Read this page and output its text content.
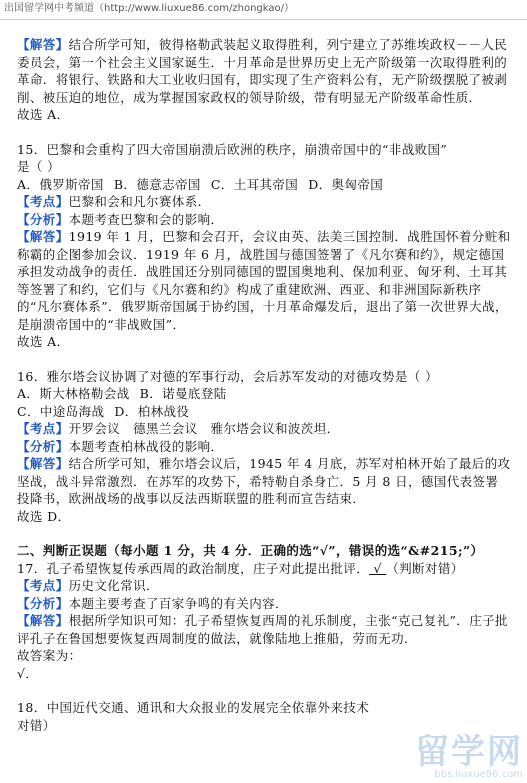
出国留学网中考频道（http://www.liuxue86.com/zhongkao/）

【解答】结合所学可知，彼得格勒武装起义取得胜利，列宁建立了苏维埃政权－－人民委员会，第一个社会主义国家诞生．十月革命是世界历史上无产阶级第一次取得胜利的革命．将银行、铁路和大工业收归国有，即实现了生产资料公有，无产阶级摆脱了被剥削、被压迫的地位，成为掌握国家政权的领导阶级，带有明显无产阶级革命性质．

故选 A．

15．巴黎和会重构了四大帝国崩溃后欧洲的秩序，崩溃帝国中的“非战败国”

是（ ）

A．俄罗斯帝国 B．德意志帝国 C．土耳其帝国 D．奥匈帝国

【考点】巴黎和会和凡尔赛体系．

【分析】本题考查巴黎和会的影响．

【解答】1919 年 1 月，巴黎和会召开，会议由英、法美三国控制．战胜国怀着分赃和称霸的企图参加会议．1919 年 6 月，战胜国与德国签署了《凡尔赛和约》，规定德国承担发动战争的责任．战胜国还分别同德国的盟国奥地利、保加利亚、匈牙利、土耳其等签署了和约，它们与《凡尔赛和约》构成了重建欧洲、西亚、和非洲国际新秩序的“凡尔赛体系”．俄罗斯帝国属于协约国，十月革命爆发后，退出了第一次世界大战，是崩溃帝国中的“非战败国”．

故选 A．

16．雅尔塔会议协调了对德的军事行动，会后苏军发动的对德攻势是（ ）

A．斯大林格勒会战 B．诺曼底登陆

C．中途岛海战 D．柏林战役

【考点】开罗会议　德黑兰会议　雅尔塔会议和波茨坦．

【分析】本题考查柏林战役的影响．

【解答】结合所学可知，雅尔塔会议后，1945 年 4 月底，苏军对柏林开始了最后的攻坚战，战斗异常激烈．在苏军的攻势下，希特勒自杀身亡．5 月 8 日，德国代表签署投降书，欧洲战场的战事以反法西斯联盟的胜利而宣告结束．

故选 D．

二、判断正误题（每小题 1 分，共 4 分．正确的选“√”，错误的选“&#215;”）

17．孔子希望恢复传承西周的政治制度，庄子对此提出批评． √ （判断对错）

【考点】历史文化常识．

【分析】本题主要考查了百家争鸣的有关内容．

【解答】根据所学知识可知：孔子希望恢复西周的礼乐制度，主张“克己复礼”．庄子批评孔子在鲁国想要恢复西周制度的做法，就像陆地上推船，劳而无功．

故答案为：

√．

18．中国近代交通、通讯和大众报业的发展完全依靠外来技术

对错）

留学网
bbs.liuxue86.com
